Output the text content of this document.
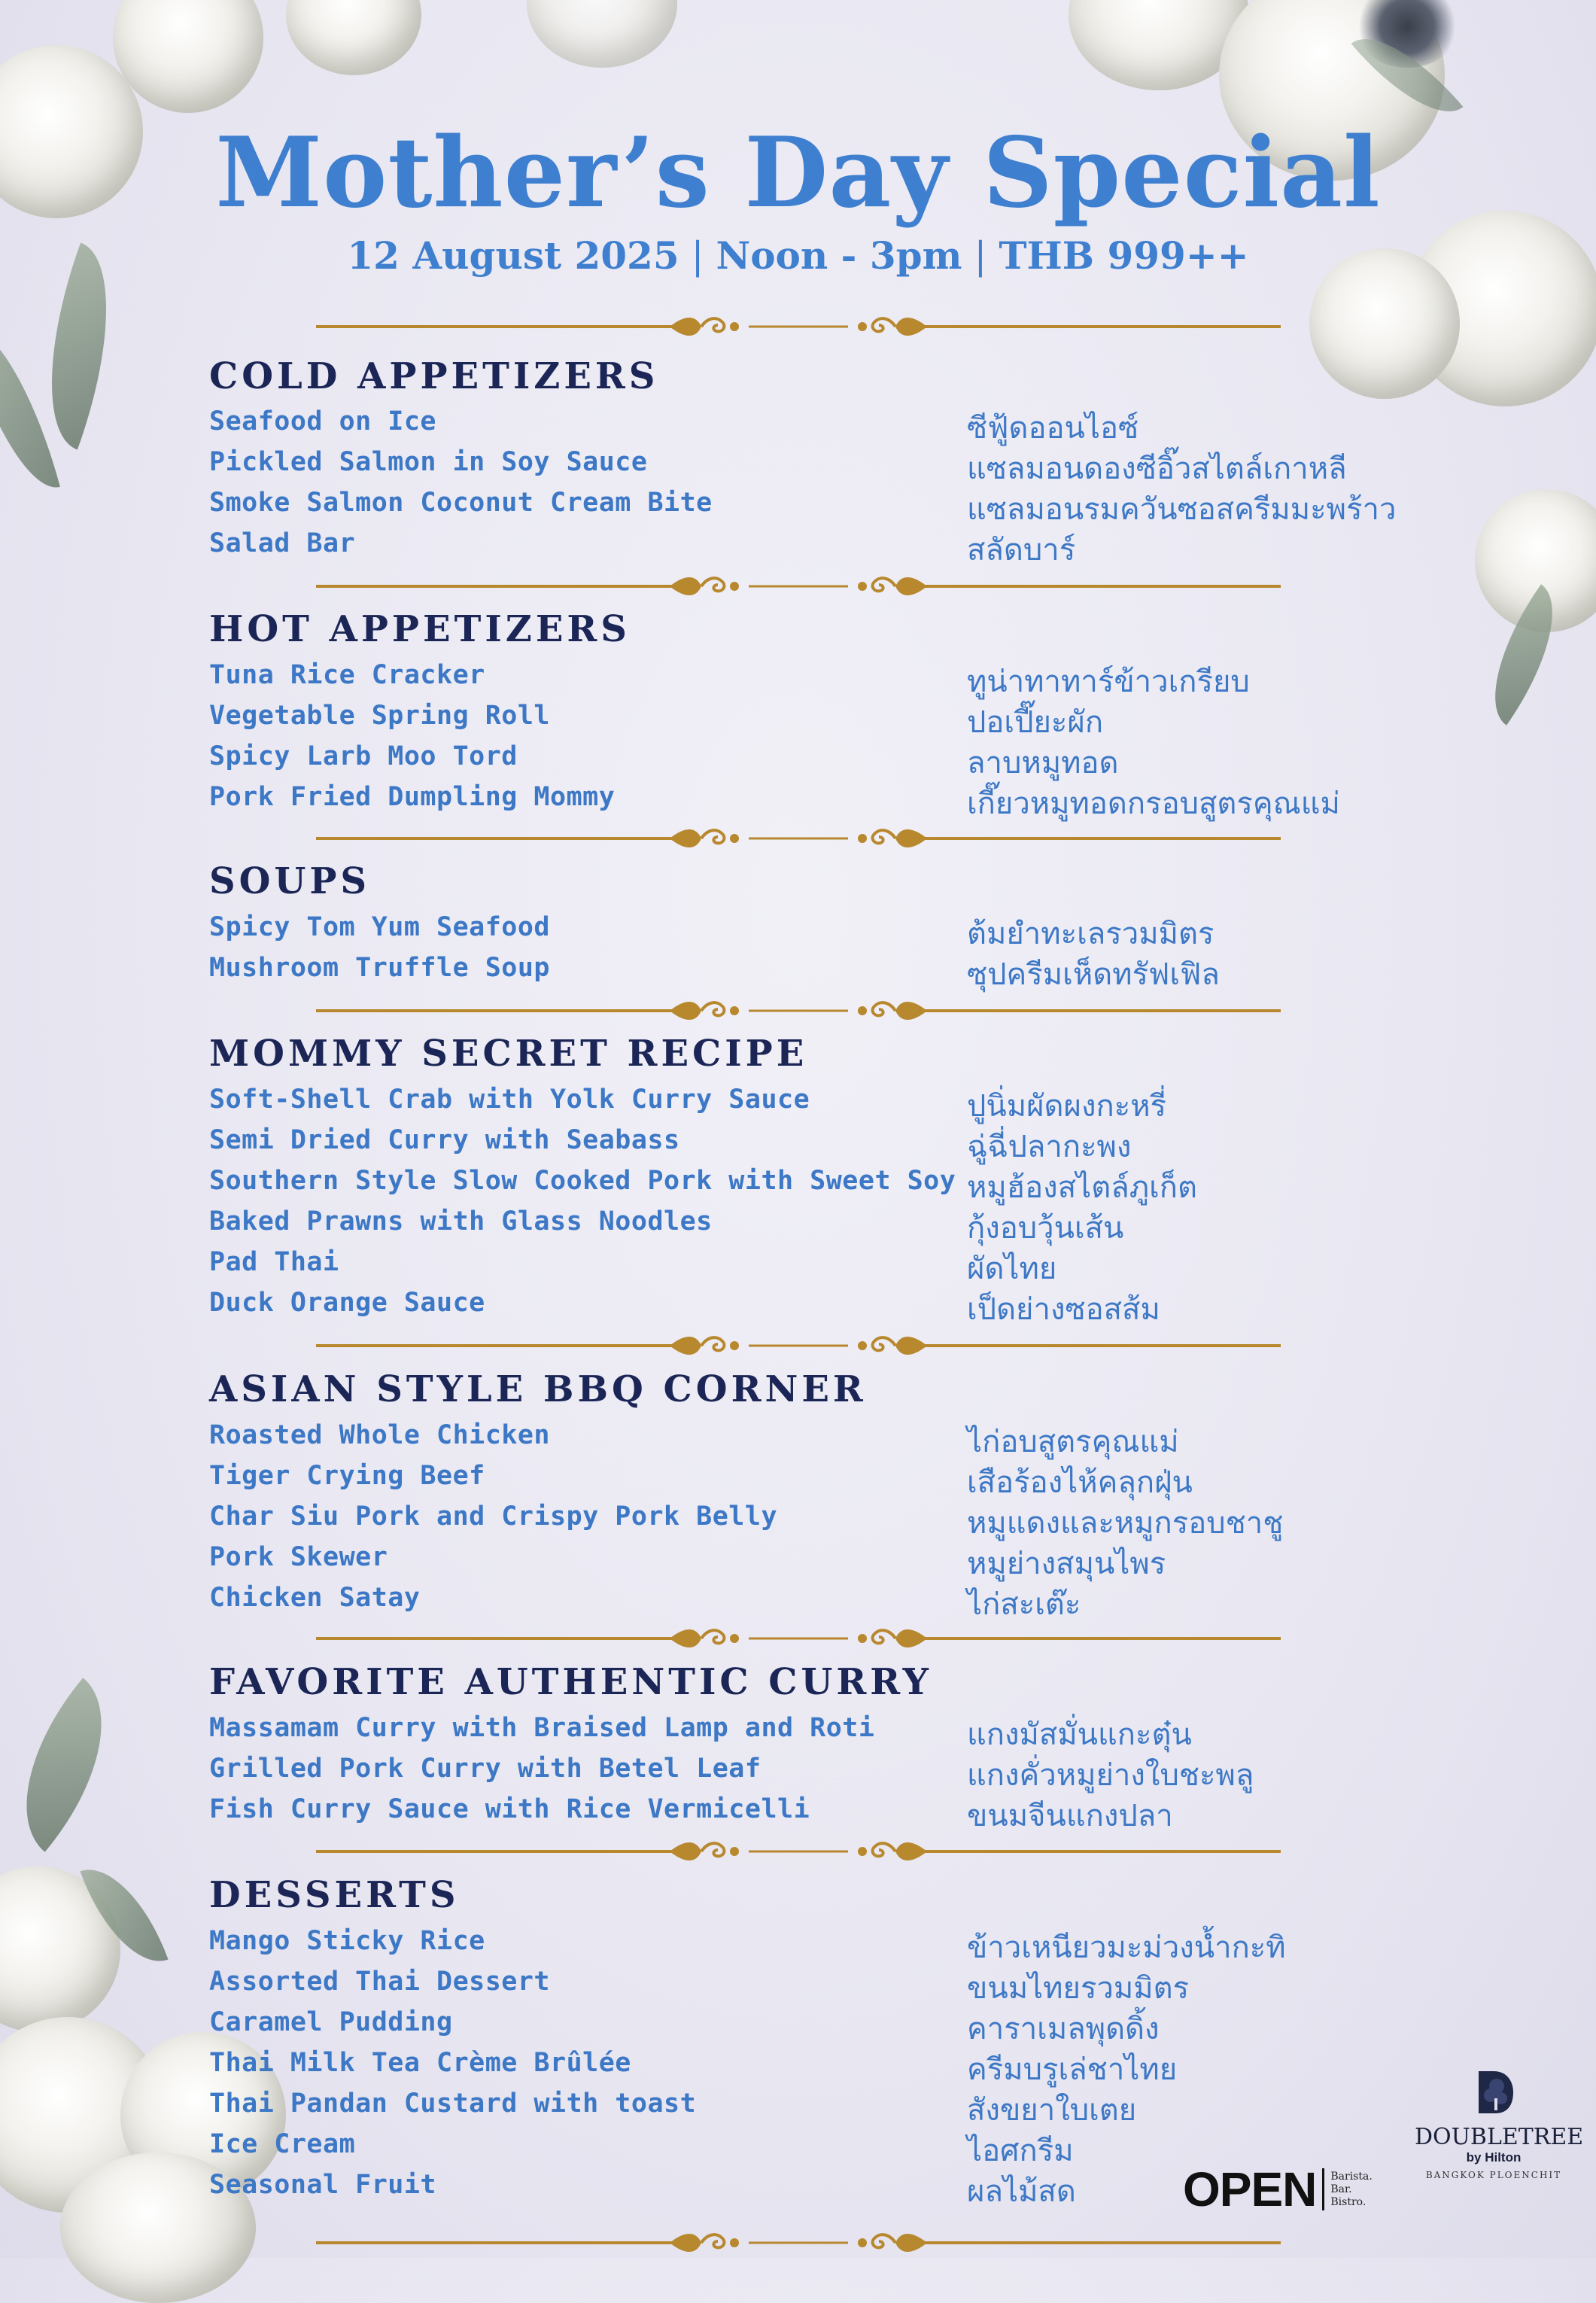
Mother’s Day Special
12 August 2025 | Noon - 3pm | THB 999++
COLD APPETIZERS
Seafood on Ice	ซีฟู้ดออนไอซ์
Pickled Salmon in Soy Sauce	แซลมอนดองซีอิ๊วสไตล์เกาหลี
Smoke Salmon Coconut Cream Bite	แซลมอนรมควันซอสครีมมะพร้าว
Salad Bar	สลัดบาร์
HOT APPETIZERS
Tuna Rice Cracker	ทูน่าทาทาร์ข้าวเกรียบ
Vegetable Spring Roll	ปอเปี๊ยะผัก
Spicy Larb Moo Tord	ลาบหมูทอด
Pork Fried Dumpling Mommy	เกี๊ยวหมูทอดกรอบสูตรคุณแม่
SOUPS
Spicy Tom Yum Seafood	ต้มยำทะเลรวมมิตร
Mushroom Truffle Soup	ซุปครีมเห็ดทรัฟเฟิล
MOMMY SECRET RECIPE
Soft-Shell Crab with Yolk Curry Sauce	ปูนิ่มผัดผงกะหรี่
Semi Dried Curry with Seabass	ฉู่ฉี่ปลากะพง
Southern Style Slow Cooked Pork with Sweet Soy หมูฮ้องสไตล์ภูเก็ต
Baked Prawns with Glass Noodles	กุ้งอบวุ้นเส้น
Pad Thai	ผัดไทย
Duck Orange Sauce	เป็ดย่างซอสส้ม
ASIAN STYLE BBQ CORNER
Roasted Whole Chicken	ไก่อบสูตรคุณแม่
Tiger Crying Beef	เสือร้องไห้คลุกฝุ่น
Char Siu Pork and Crispy Pork Belly	หมูแดงและหมูกรอบชาชู
Pork Skewer	หมูย่างสมุนไพร
Chicken Satay	ไก่สะเต๊ะ
FAVORITE AUTHENTIC CURRY
Massamam Curry with Braised Lamp and Roti	แกงมัสมั่นแกะตุ๋น
Grilled Pork Curry with Betel Leaf	แกงคั่วหมูย่างใบชะพลู
Fish Curry Sauce with Rice Vermicelli	ขนมจีนแกงปลา
DESSERTS
Mango Sticky Rice	ข้าวเหนียวมะม่วงน้ำกะทิ
Assorted Thai Dessert	ขนมไทยรวมมิตร
Caramel Pudding	คาราเมลพุดดิ้ง
Thai Milk Tea Crème Brûlée	ครีมบรูเล่ชาไทย
Thai Pandan Custard with toast	สังขยาใบเตย
Ice Cream	ไอศกรีม
Seasonal Fruit	ผลไม้สด OPEN Barista.
Bar.
Bistro.
DOUBLETREE
by Hilton
BANGKOK PLOENCHIT
